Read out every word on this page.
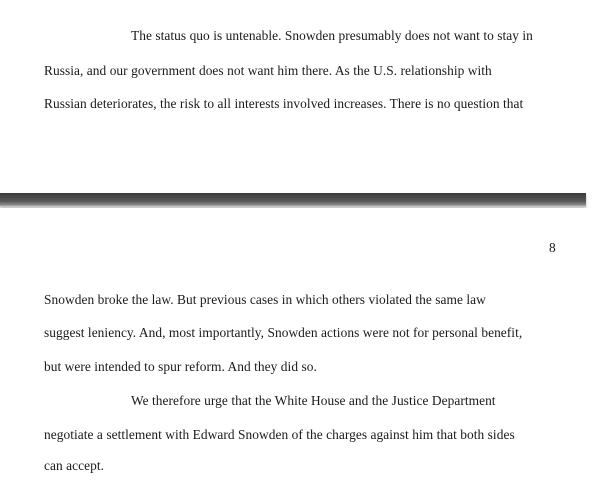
The status quo is untenable. Snowden presumably does not want to stay in
Russia, and our government does not want him there. As the U.S. relationship with
Russian deteriorates, the risk to all interests involved increases. There is no question that
8
Snowden broke the law. But previous cases in which others violated the same law
suggest leniency. And, most importantly, Snowden actions were not for personal benefit,
but were intended to spur reform. And they did so.
We therefore urge that the White House and the Justice Department
negotiate a settlement with Edward Snowden of the charges against him that both sides
can accept.
